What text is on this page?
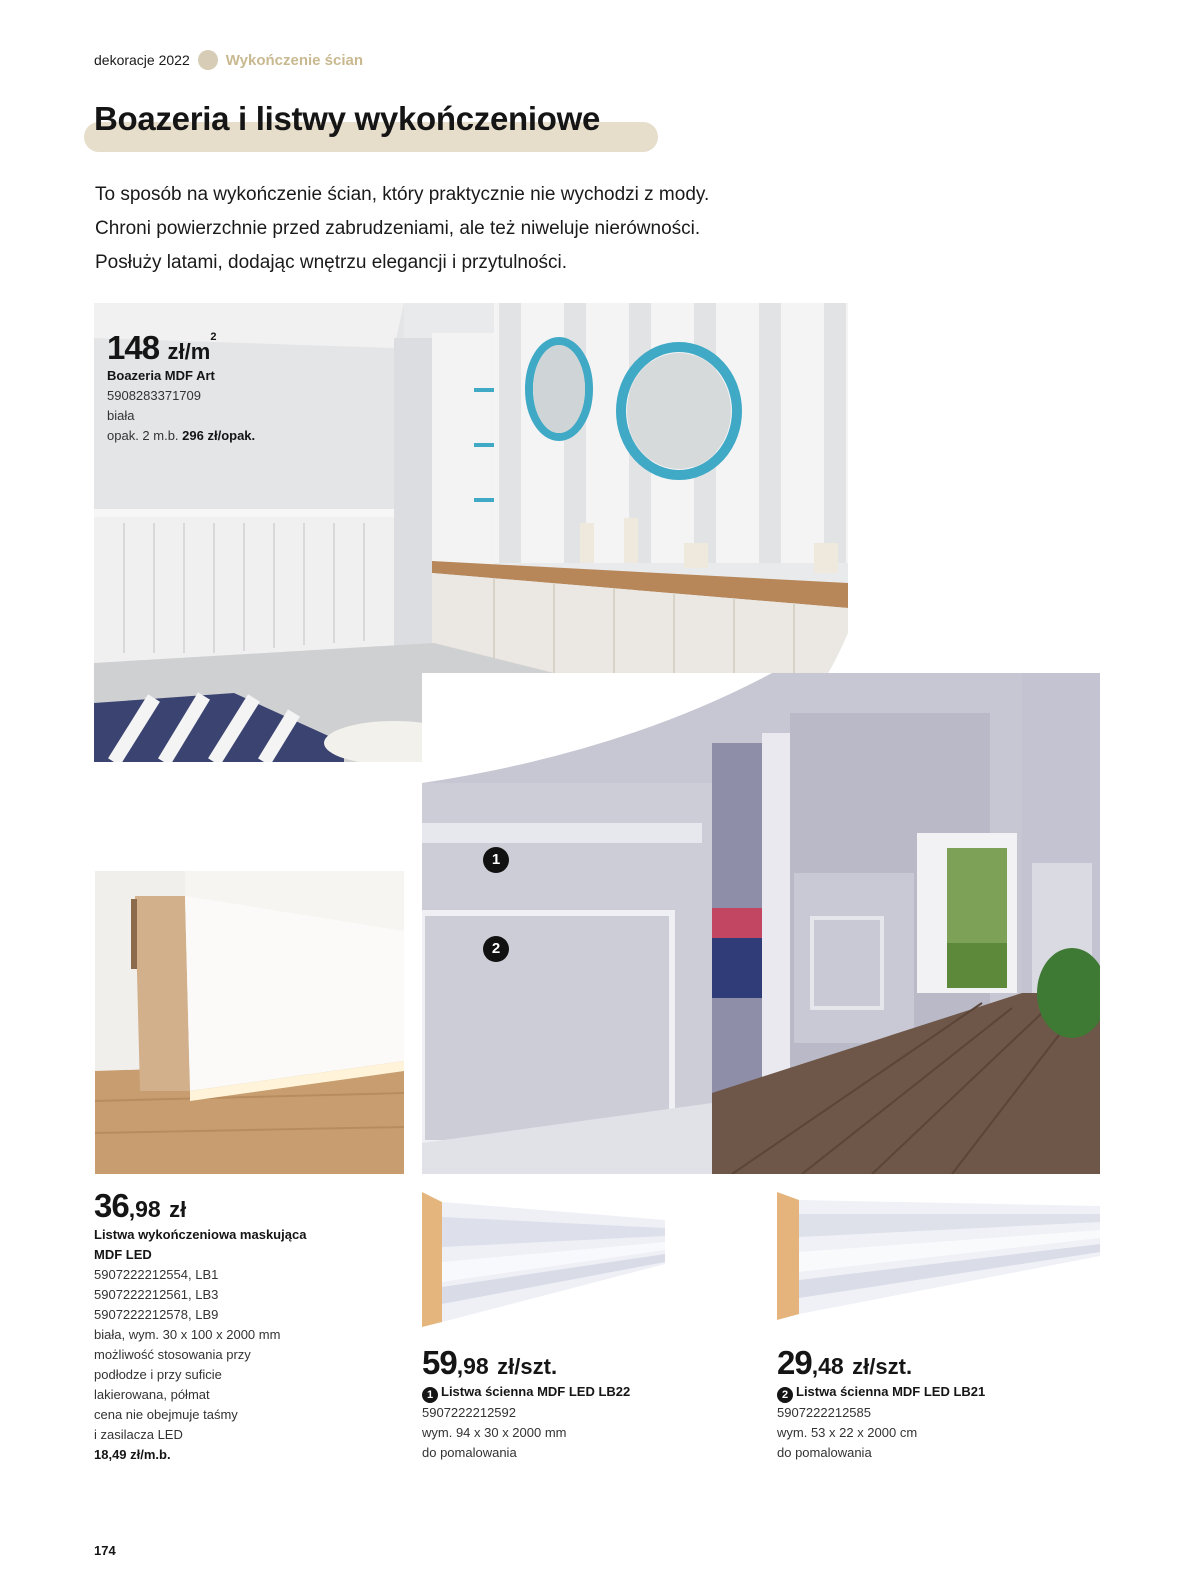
dekoracje 2022 Wykończenie ścian
Boazeria i listwy wykończeniowe
To sposób na wykończenie ścian, który praktycznie nie wychodzi z mody.
Chroni powierzchnie przed zabrudzeniami, ale też niweluje nierówności.
Posłuży latami, dodając wnętrzu elegancji i przytulności.
148 $zł/m^2$
Boazeria MDF Art
5908283371709
biała
opak. 2 m.b. 296 zł/opak.
1
2
36,98 zł
Listwa wykończeniowa maskująca
MDF LED
5907222212554, LB1
5907222212561, LB3
5907222212578, LB9
biała, wym. 30 x 100 x 2000 mm
możliwość stosowania przy
podłodze i przy suficie
lakierowana, półmat
cena nie obejmuje taśmy
i zasilacza LED
18,49 zł/m.b.
59,98 zł/szt.
1 Listwa ścienna MDF LED LB22
5907222212592
wym. 94 x 30 x 2000 mm
do pomalowania
29,48 zł/szt.
2 Listwa ścienna MDF LED LB21
5907222212585
wym. 53 x 22 x 2000 cm
do pomalowania
174
